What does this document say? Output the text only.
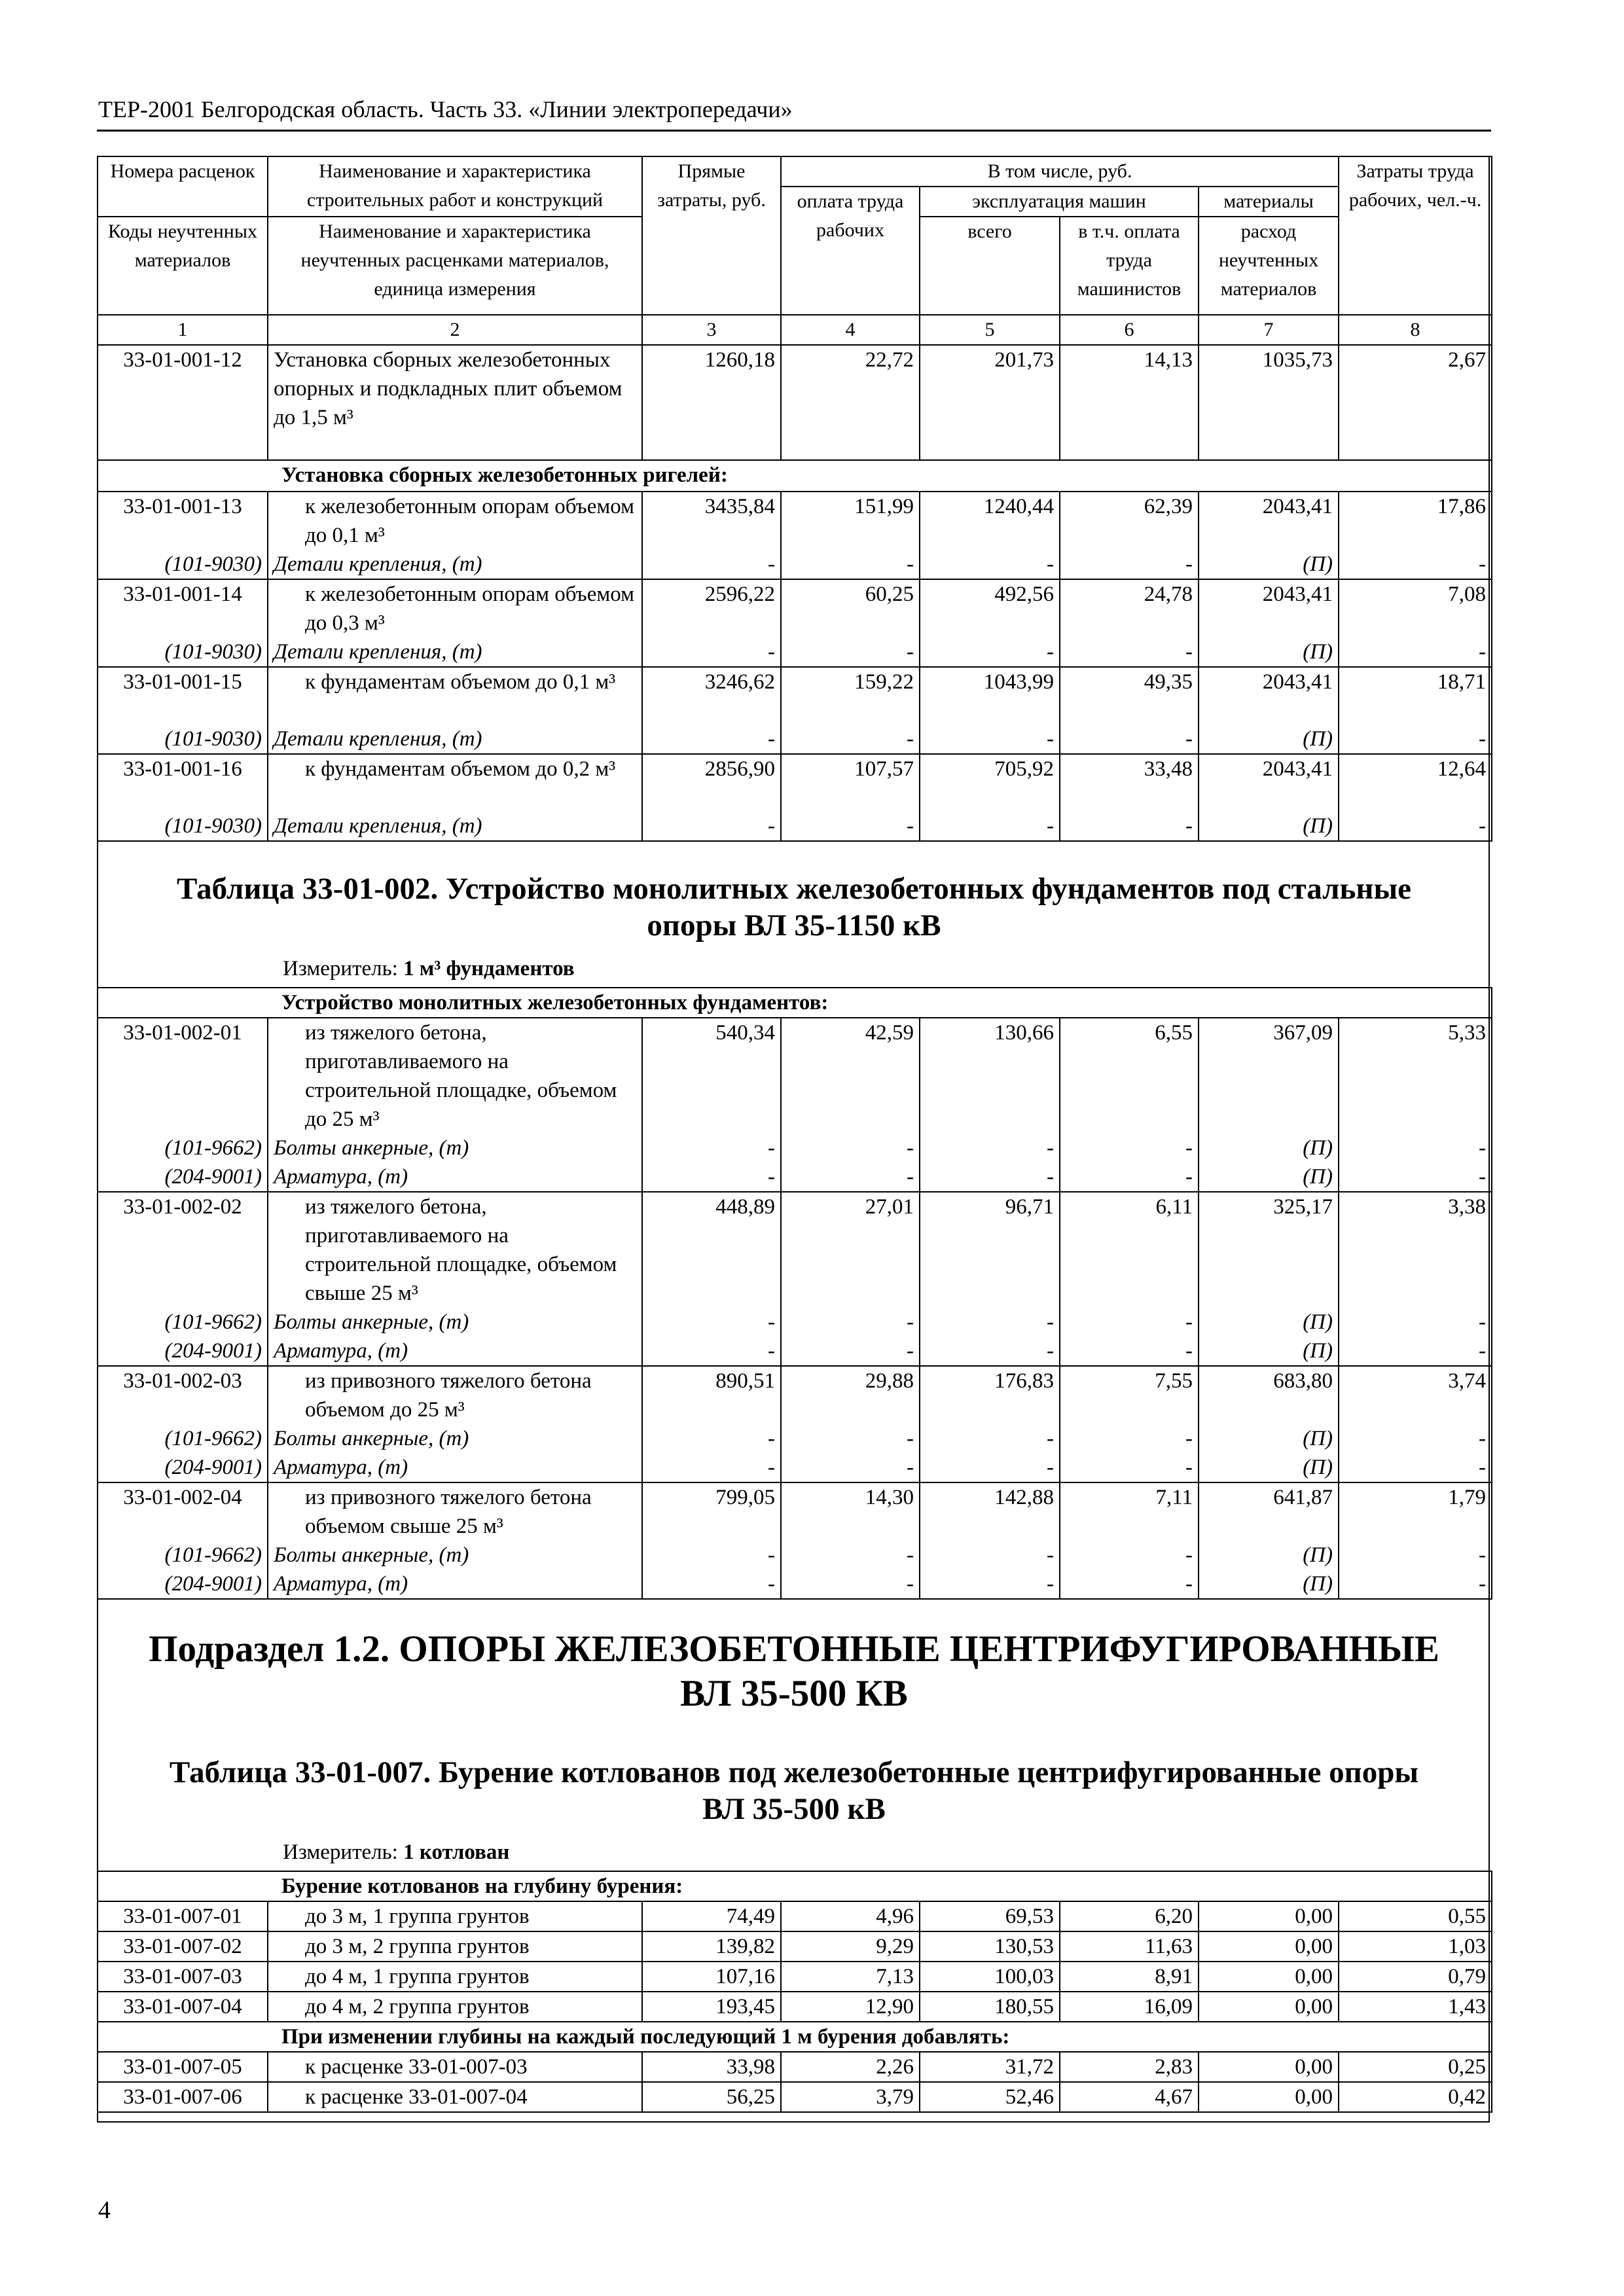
ТЕР-2001 Белгородская область. Часть 33. «Линии электропередачи»
Номера расценок	Наименование и характеристика строительных работ и конструкций	Прямые затраты, руб.	В том числе, руб.				Затраты труда рабочих, чел.-ч.
			оплата труда рабочих	эксплуатация машин		материалы	
Коды неучтенных материалов	Наименование и характеристика неучтенных расценками материалов, единица измерения			всего	в т.ч. оплата труда машинистов	расход неучтенных материалов	

1	2	3	4	5	6	7	8
33-01-001-12	Установка сборных железобетонных опорных и подкладных плит объемом до 1,5 м³	1260,18	22,72	201,73	14,13	1035,73	2,67
Установка сборных железобетонных ригелей:							
33-01-001-13	к железобетонным опорам объемом до 0,1 м³	3435,84	151,99	1240,44	62,39	2043,41	17,86
(101-9030)	Детали крепления, (т)	-	-	-	-	(П)	-
33-01-001-14	к железобетонным опорам объемом до 0,3 м³	2596,22	60,25	492,56	24,78	2043,41	7,08
(101-9030)	Детали крепления, (т)	-	-	-	-	(П)	-
33-01-001-15	к фундаментам объемом до 0,1 м³	3246,62	159,22	1043,99	49,35	2043,41	18,71
(101-9030)	Детали крепления, (т)	-	-	-	-	(П)	-
33-01-001-16	к фундаментам объемом до 0,2 м³	2856,90	107,57	705,92	33,48	2043,41	12,64
(101-9030)	Детали крепления, (т)	-	-	-	-	(П)	-
Таблица 33-01-002. Устройство монолитных железобетонных фундаментов под стальные
опоры ВЛ 35-1150 кВ
Измеритель: 1 м³ фундаментов
Устройство монолитных железобетонных фундаментов:							
33-01-002-01	из тяжелого бетона, приготавливаемого на строительной площадке, объемом до 25 м³	540,34	42,59	130,66	6,55	367,09	5,33
(101-9662)	Болты анкерные, (т)	-	-	-	-	(П)	-
(204-9001)	Арматура, (т)	-	-	-	-	(П)	-
33-01-002-02	из тяжелого бетона, приготавливаемого на строительной площадке, объемом свыше 25 м³	448,89	27,01	96,71	6,11	325,17	3,38
(101-9662)	Болты анкерные, (т)	-	-	-	-	(П)	-
(204-9001)	Арматура, (т)	-	-	-	-	(П)	-
33-01-002-03	из привозного тяжелого бетона объемом до 25 м³	890,51	29,88	176,83	7,55	683,80	3,74
(101-9662)	Болты анкерные, (т)	-	-	-	-	(П)	-
(204-9001)	Арматура, (т)	-	-	-	-	(П)	-
33-01-002-04	из привозного тяжелого бетона объемом свыше 25 м³	799,05	14,30	142,88	7,11	641,87	1,79
(101-9662)	Болты анкерные, (т)	-	-	-	-	(П)	-
(204-9001)	Арматура, (т)	-	-	-	-	(П)	-
Подраздел 1.2. ОПОРЫ ЖЕЛЕЗОБЕТОННЫЕ ЦЕНТРИФУГИРОВАННЫЕ
ВЛ 35-500 КВ
Таблица 33-01-007. Бурение котлованов под железобетонные центрифугированные опоры
ВЛ 35-500 кВ
Измеритель: 1 котлован
Бурение котлованов на глубину бурения:							
33-01-007-01	до 3 м, 1 группа грунтов	74,49	4,96	69,53	6,20	0,00	0,55
33-01-007-02	до 3 м, 2 группа грунтов	139,82	9,29	130,53	11,63	0,00	1,03
33-01-007-03	до 4 м, 1 группа грунтов	107,16	7,13	100,03	8,91	0,00	0,79
33-01-007-04	до 4 м, 2 группа грунтов	193,45	12,90	180,55	16,09	0,00	1,43
При изменении глубины на каждый последующий 1 м бурения добавлять:							
33-01-007-05	к расценке 33-01-007-03	33,98	2,26	31,72	2,83	0,00	0,25
33-01-007-06	к расценке 33-01-007-04	56,25	3,79	52,46	4,67	0,00	0,42
4
